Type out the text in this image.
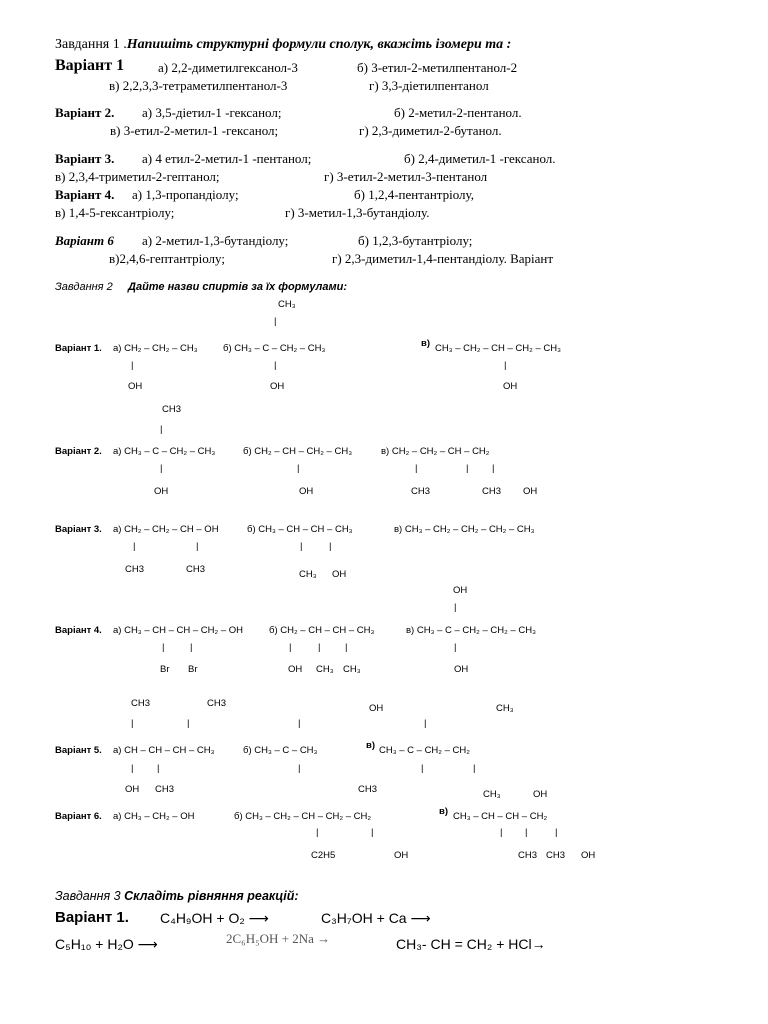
Завдання 1 .Напишіть структурні формули сполук, вкажіть ізомери та :
Варіант 1	а) 2,2-диметилгексанол-3	б) 3-етил-2-метилпентанол-2
в) 2,2,3,3-тетраметилпентанол-3	г) 3,3-діетилпентанол
Варіант 2. а) 3,5-діетил-1 -гексанол;	б) 2-метил-2-пентанол.
в) 3-етил-2-метил-1 -гексанол;	г) 2,3-диметил-2-бутанол.
Варіант 3. а) 4 етил-2-метил-1 -пентанол;	б) 2,4-диметил-1 -гексанол.
в) 2,3,4-триметил-2-гептанол;	г) 3-етил-2-метил-3-пентанол
Варіант 4. а) 1,3-пропандіолу;	б) 1,2,4-пентантріолу,
в) 1,4-5-гексантріолу;	г) 3-метил-1,3-бутандіолу.
Варіант 6 а) 2-метил-1,3-бутандіолу;	б) 1,2,3-бутантріолу;
в)2,4,6-гептантріолу;	г) 2,3-диметил-1,4-пентандіолу. Варіант
Завдання 2 Дайте назви спиртів за їх формулами:
CH₃
|
Варіант 1. а) CH₂ – CH₂ – CH₃	б) CH₃ – C – CH₂ – CH₃	в) CH₃ – CH₂ – CH – CH₂ – CH₃
|	|	|
OH	OH	OH
CH3
|
Варіант 2. а) CH₃ – C – CH₂ – CH₃	б) CH₂ – CH – CH₂ – CH₃	в) CH₂ – CH₂ – CH – CH₂
|	|	|	| |
OH	OH	CH3	CH3 OH
Варіант 3. а) CH₂ – CH₂ – CH – OH	б) CH₃ – CH – CH – CH₃	в) CH₃ – CH₂ – CH₂ – CH₂ – CH₃
|	|	|	|
CH3	CH3	CH₃ OH
OH
|
Варіант 4. а) CH₃ – CH – CH – CH₂ – OH	б) CH₂ – CH – CH – CH₃	в) CH₃ – C – CH₂ – CH₂ – CH₃
|	|	|	|	|	|
Br Br	OH CH₃ CH₃	OH
CH3	CH3	OH	CH₃
|	|	|	|
Варіант 5. а) CH – CH – CH – CH₃	б) CH₃ – C – CH₃	в) CH₃ – C – CH₂ – CH₂
| |	|	|	|
OH CH3	CH3	CH₃	OH
Варіант 6. а) CH₃ – CH₂ – OH	б) CH₃ – CH₂ – CH – CH₂ – CH₂	в) CH₃ – CH – CH – CH₂
|	|	| |	|
C2H5	OH	CH3 CH3 OH
Завдання 3 Складіть рівняння реакцій:
Варіант 1. C₄H₉OH + O₂ ⟶	C₃H₇OH + Ca ⟶
C₅H₁₀ + H₂O ⟶	2C₆H₅OH + 2Na →	CH₃- CH = CH₂ + HCl→
